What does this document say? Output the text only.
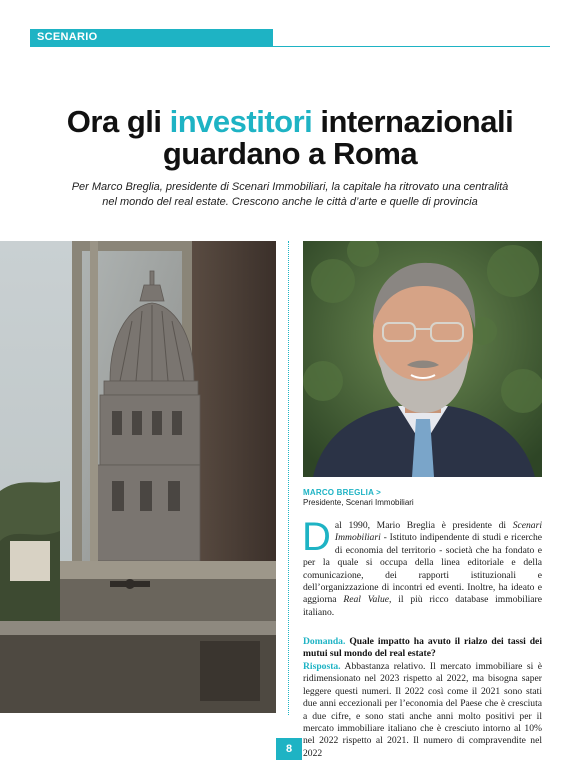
SCENARIO
Ora gli investitori internazionali
guardano a Roma
Per Marco Breglia, presidente di Scenari Immobiliari, la capitale ha ritrovato una centralità
nel mondo del real estate. Crescono anche le città d’arte e quelle di provincia
MARCO BREGLIA >
Presidente, Scenari Immobiliari
Dal 1990, Mario Breglia è presidente di Scenari Immobiliari - Istituto indipendente di studi e ricerche di economia del territorio - società che ha fondato e per la quale si occupa della linea editoriale e della comunicazione, dei rapporti istituzionali e dell’organizzazione di incontri ed eventi. Inoltre, ha ideato e aggiorna Real Value, il più ricco database immobiliare italiano.
Domanda. Quale impatto ha avuto il rialzo dei tassi dei mutui sul mondo del real estate?
Risposta. Abbastanza relativo. Il mercato immobiliare si è ridimensionato nel 2023 rispetto al 2022, ma bisogna saper leggere questi numeri. Il 2022 così come il 2021 sono stati due anni eccezionali per l’economia del Paese che è cresciuta a due cifre, e sono stati anche anni molto positivi per il mercato immobiliare italiano che è cresciuto intorno al 10% nel 2022 rispetto al 2021. Il numero di compravendite nel 2022
8
